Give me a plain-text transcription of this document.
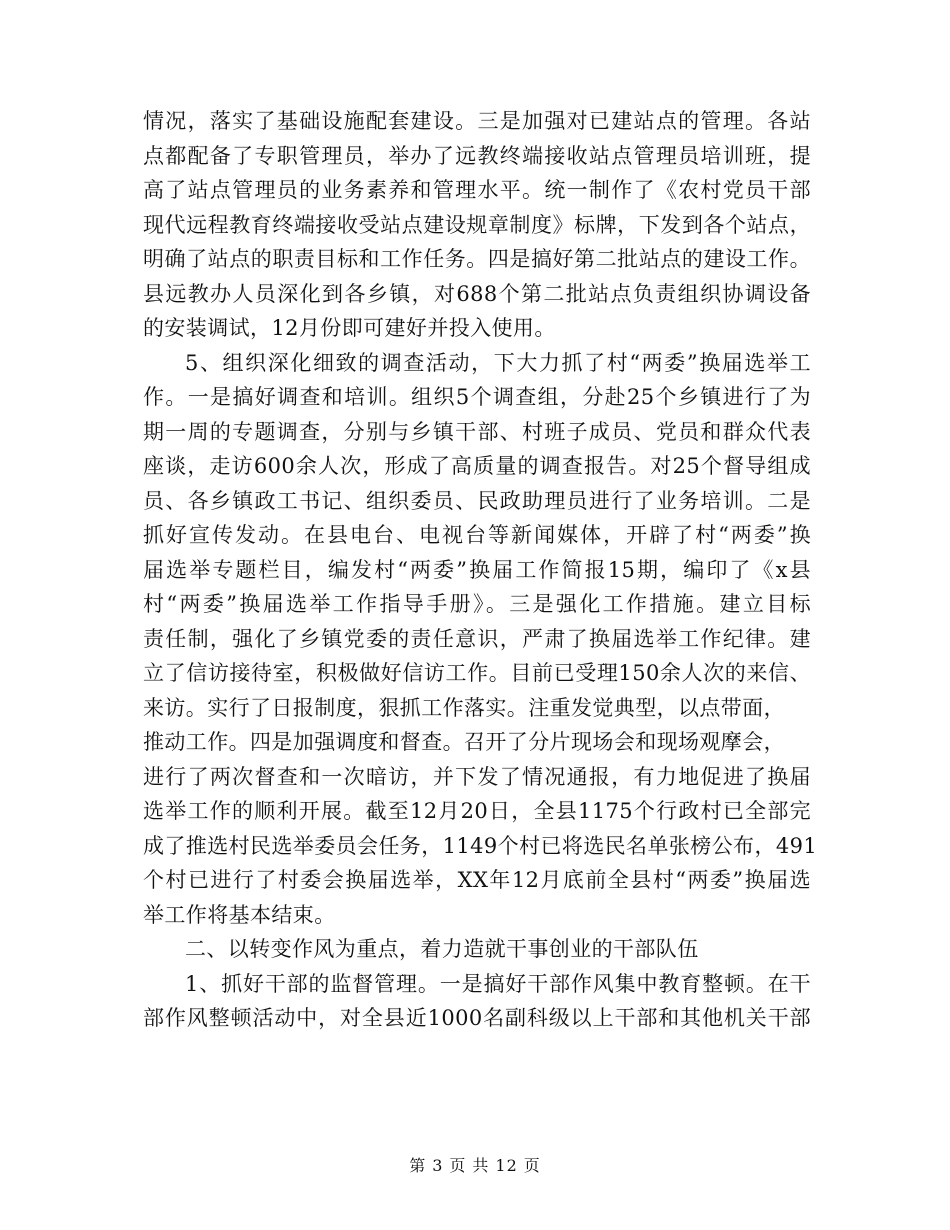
情况，落实了基础设施配套建设。三是加强对已建站点的管理。各站
点都配备了专职管理员，举办了远教终端接收站点管理员培训班，提
高了站点管理员的业务素养和管理水平。统一制作了《农村党员干部
现代远程教育终端接收受站点建设规章制度》标牌，下发到各个站点，
明确了站点的职责目标和工作任务。四是搞好第二批站点的建设工作。
县远教办人员深化到各乡镇，对688个第二批站点负责组织协调设备
的安装调试，12月份即可建好并投入使用。
5、组织深化细致的调查活动，下大力抓了村“两委”换届选举工
作。一是搞好调查和培训。组织5个调查组，分赴25个乡镇进行了为
期一周的专题调查，分别与乡镇干部、村班子成员、党员和群众代表
座谈，走访600余人次，形成了高质量的调查报告。对25个督导组成
员、各乡镇政工书记、组织委员、民政助理员进行了业务培训。二是
抓好宣传发动。在县电台、电视台等新闻媒体，开辟了村“两委”换
届选举专题栏目，编发村“两委”换届工作简报15期，编印了《x县
村“两委”换届选举工作指导手册》。三是强化工作措施。建立目标
责任制，强化了乡镇党委的责任意识，严肃了换届选举工作纪律。建
立了信访接待室，积极做好信访工作。目前已受理150余人次的来信、
来访。实行了日报制度，狠抓工作落实。注重发觉典型，以点带面，
推动工作。四是加强调度和督查。召开了分片现场会和现场观摩会，
进行了两次督查和一次暗访，并下发了情况通报，有力地促进了换届
选举工作的顺利开展。截至12月20日，全县1175个行政村已全部完
成了推选村民选举委员会任务，1149个村已将选民名单张榜公布，491
个村已进行了村委会换届选举，XX年12月底前全县村“两委”换届选
举工作将基本结束。
二、以转变作风为重点，着力造就干事创业的干部队伍
1、抓好干部的监督管理。一是搞好干部作风集中教育整顿。在干
部作风整顿活动中，对全县近1000名副科级以上干部和其他机关干部
第 3 页 共 12 页
